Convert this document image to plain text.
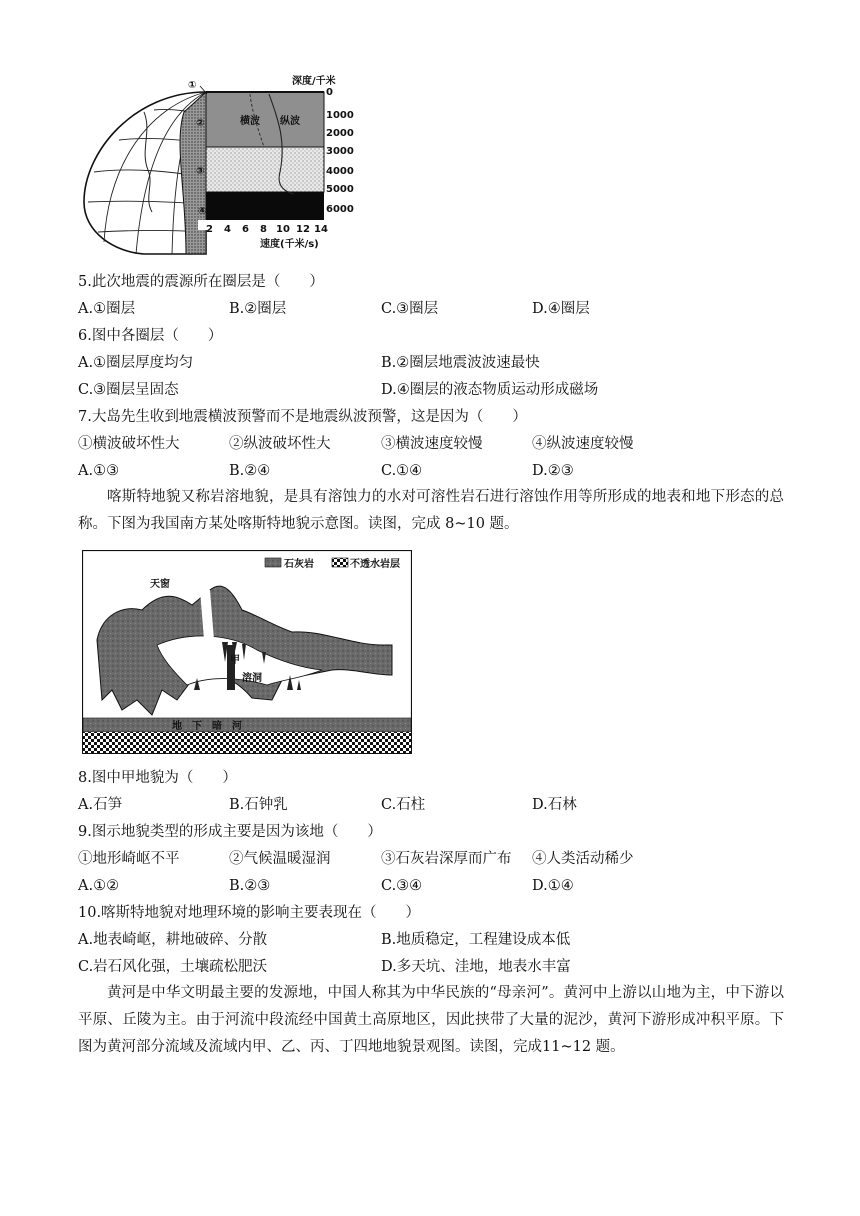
横波 纵波
①
②
③
④
深度/千米
0
1000
2000
3000
4000
5000
6000
2 4 6 8 10 12 14
速度(千米/s)
5.此次地震的震源所在圈层是（　　）
A.①圈层	B.②圈层	C.③圈层	D.④圈层
6.图中各圈层（　　）
A.①圈层厚度均匀	B.②圈层地震波波速最快
C.③圈层呈固态	D.④圈层的液态物质运动形成磁场
7.大岛先生收到地震横波预警而不是地震纵波预警，这是因为（　　）
①横波破坏性大	②纵波破坏性大	③横波速度较慢	④纵波速度较慢
A.①③	B.②④	C.①④	D.②③
喀斯特地貌又称岩溶地貌，是具有溶蚀力的水对可溶性岩石进行溶蚀作用等所形成的地表和地下形态的总称。下图为我国南方某处喀斯特地貌示意图。读图，完成 8~10 题。
石灰岩	不透水岩层
天窗
甲
溶洞
地　下　暗　河
8.图中甲地貌为（　　）
A.石笋	B.石钟乳	C.石柱	D.石林
9.图示地貌类型的形成主要是因为该地（　　）
①地形崎岖不平	②气候温暖湿润	③石灰岩深厚而广布 ④人类活动稀少
A.①②	B.②③	C.③④	D.①④
10.喀斯特地貌对地理环境的影响主要表现在（　　）
A.地表崎岖，耕地破碎、分散	B.地质稳定，工程建设成本低
C.岩石风化强，土壤疏松肥沃	D.多天坑、洼地，地表水丰富
黄河是中华文明最主要的发源地，中国人称其为中华民族的“母亲河”。黄河中上游以山地为主，中下游以平原、丘陵为主。由于河流中段流经中国黄土高原地区，因此挟带了大量的泥沙，黄河下游形成冲积平原。下图为黄河部分流域及流域内甲、乙、丙、丁四地地貌景观图。读图，完成11~12 题。
